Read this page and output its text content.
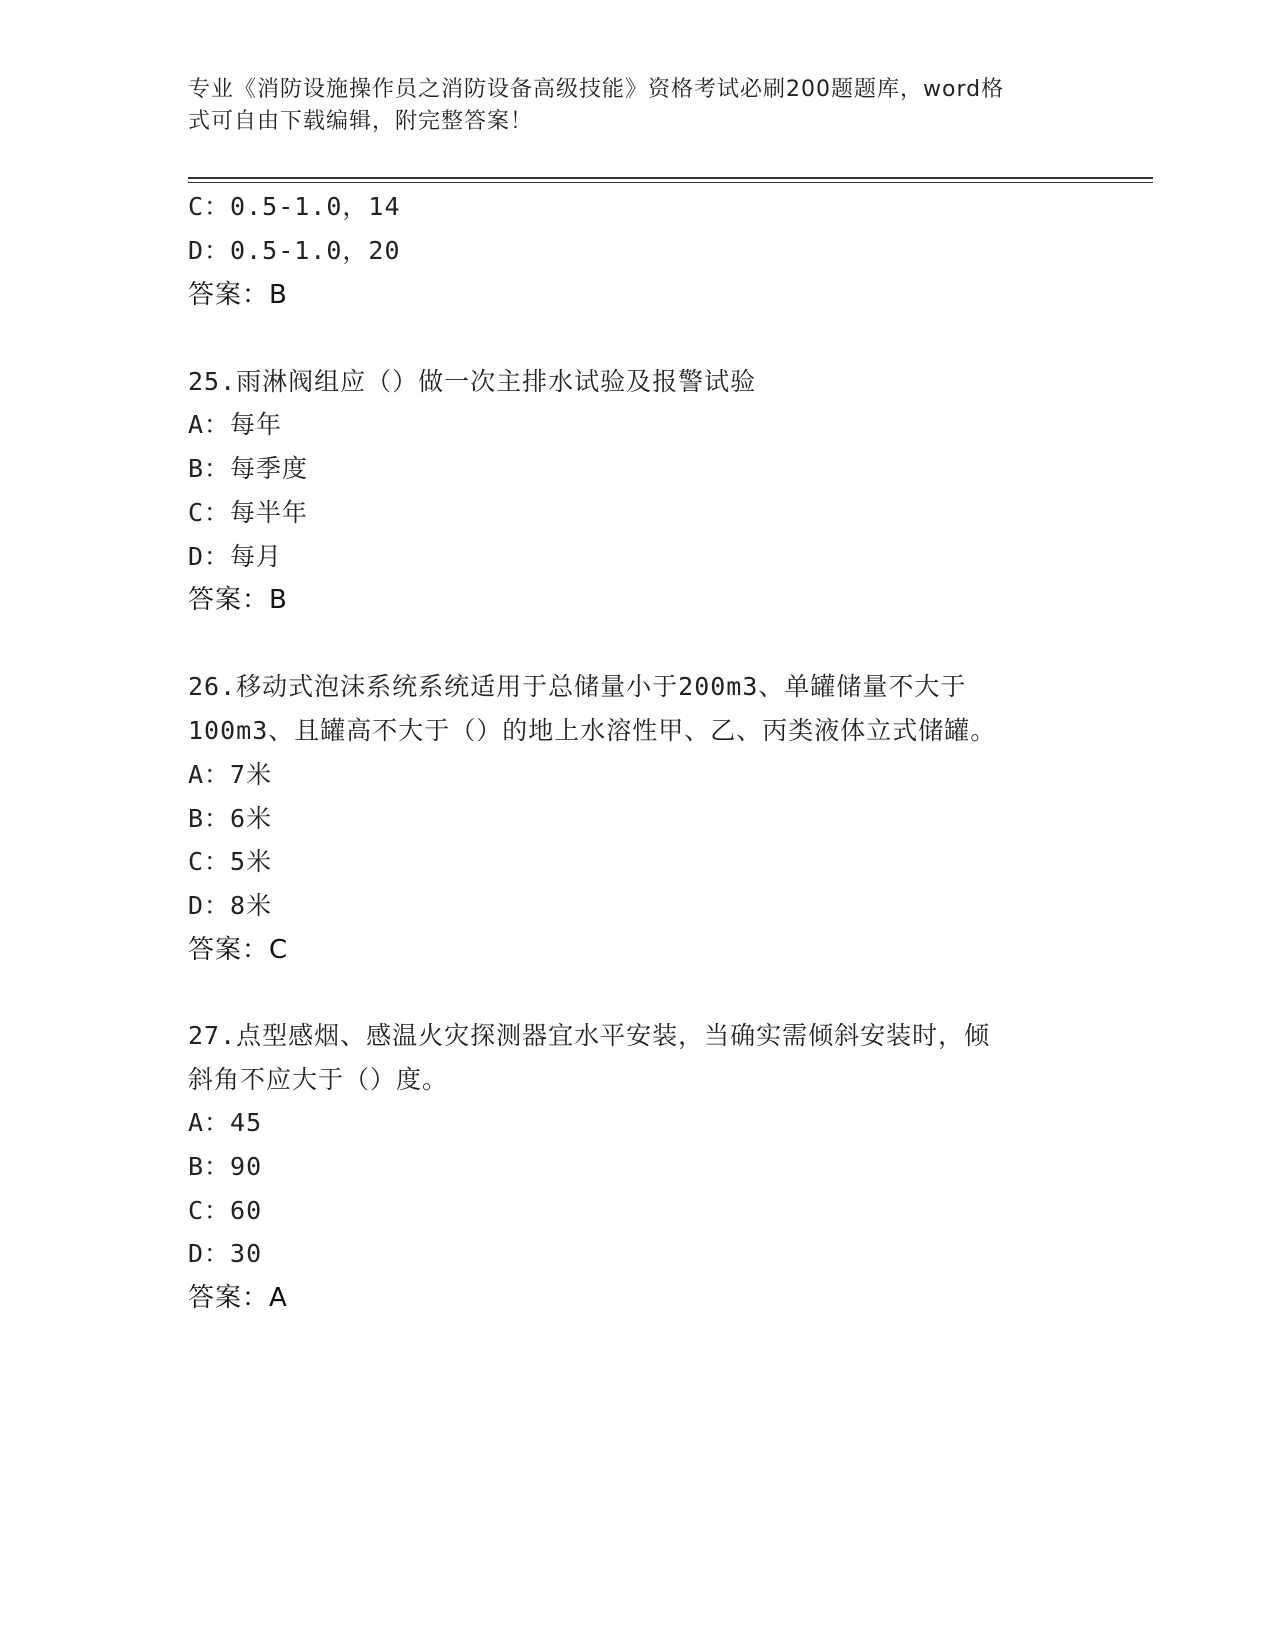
专业《消防设施操作员之消防设备高级技能》资格考试必刷200题题库，word格
式可自由下载编辑，附完整答案！
C：0.5-1.0，14
D：0.5-1.0，20
答案：B
25.雨淋阀组应（）做一次主排水试验及报警试验
A：每年
B：每季度
C：每半年
D：每月
答案：B
26.移动式泡沫系统系统适用于总储量小于200m3、单罐储量不大于
100m3、且罐高不大于（）的地上水溶性甲、乙、丙类液体立式储罐。
A：7米
B：6米
C：5米
D：8米
答案：C
27.点型感烟、感温火灾探测器宜水平安装，当确实需倾斜安装时，倾
斜角不应大于（）度。
A：45
B：90
C：60
D：30
答案：A
